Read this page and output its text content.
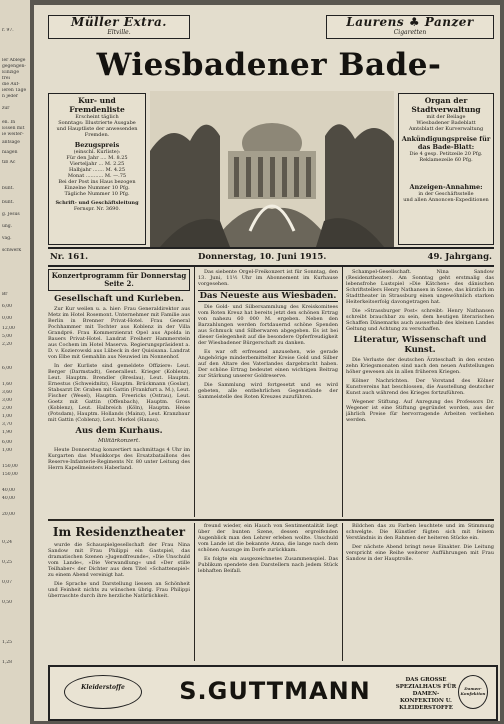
r. 97.
ler Ablege
gegengen-
Einzige
frei
die Auf-
ieren Tage
n jeder
zur
en. In
Essen mit
ie weiter-
antsäge
niagen
tiß Ac
bunt.
bunt.
g. Jesus
ung.
vag.
schwerk
Br
6,00
0,00
12,00
5,00
2,20
6,00
1,60
3,60
3,00
2,00
1,00
3,70
1,90
6,00
1,00
150,00
150,00
40,00
40,00
20,00
0,24
0,25
0,07
0,50
1,25
1,28
Müller Extra.
Eltville.
Laurens ♣ Panzer
Cigaretten
Wiesbadener Bade-
Kur- und Fremdenliste
Erscheint täglich
Sonntags: Illustrierte Ausgabe
und Hauptliste der anwesenden Fremden.
Bezugspreis
(einschl. Kurliste):
Für den Jahr .... M. 8.25
Vierteljahr ... M. 2.25
Halbjahr ....... M. 4.25
Monat ........... M. —.75
Bei der Post ins Haus bezogen
Einzelne Nummer 10 Pfg.
Tägliche Nummer 10 Pfg.
Schrift- und Geschäftsleitung
Fernspr. Nr. 3690.
Organ der Stadtverwaltung
mit der Beilage
Wiesbadener Badeblatt
Amtsblatt der Kurverwaltung
Ankündigungspreise für das Bade-Blatt:
Die 4 gesp. Petitzeile 20 Pfg.
Reklamezeile 60 Pfg.
Anzeigen-Annahme:
in der Geschäftsstelle
und allen Annoncen-Expeditionen
Nr. 161.	Donnerstag, 10. Juni 1915.	49. Jahrgang.
Konzertprogramm für Donnerstag Seite 2.
Gesellschaft und Kurleben.

Zur Kur weilen u. a. hier: Frau Generaldirektor aus Metz im Hotel Rosemont. Unternehmer mit Familie aus Berlin in Brenner Privat-Hotel. Frau General Pochhammer mit Tochter aus Koblenz in der Villa Grandpré. Frau Kommerzienrat Opel aus Apolda in Bauers Privat-Hotel. Landrat Freiherr Hammerstein aus Cochem im Hotel Maserva. Regierungspräsident a. D. v. Kozierowski aus Lübeck in der Quisisana. Landrat von Elbe mit Gemahlin aus Neuwied im Nonnenhof.

In der Kurliste sind gemeldete Offiziere: Leut. Berger (Darmstadt), Generalleut. Krieger (Koblenz), Leut. Hauptm. Brendler (Breslau), Leut. Hauptm. Ernestus (Schweidnitz), Hauptm. Brückmann (Goslar), Stabsarzt Dr. Graben mit Gattin (Frankfurt a. M.), Leut. Fischer (Wesel), Hauptm. Freericks (Ostrau), Leut. Goetz mit Gattin (Offenbach), Hauptm. Gross (Koblenz), Leut. Halbreich (Köln), Hauptm. Heise (Potsdam), Hauptm. Hollands (Mainz), Leut. Kranzbaur mit Gattin (Coblenz), Leut. Merkel (Hanau).

Aus dem Kurhaus.
Militärkonzert.

Heute Donnerstag konzertiert nachmittags 4 Uhr im Kurgarten das Musikkorps des Ersatzbataillons des Reserve-Infanterie-Regiments Nr. 80 unter Leitung des Herrn Kapellmeisters Haberland.

Das siebente Orgel-Freikonzert ist für Sonntag, den 13. Juni, 11½ Uhr im Abonnement im Kurhause vorgesehen.

Das Neueste aus Wiesbaden.

Die Gold- und Silbersammlung des Kreiskomitees vom Roten Kreuz hat bereits jetzt den schönen Ertrag von nahezu 60 000 M. ergeben. Neben den Barzahlungen werden fortdauernd schöne Spenden aus Schmuck und Silberwaren abgegeben. Es ist bei dieser Gelegenheit auf die besondere Opferfreudigkeit der Wiesbadener Bürgerschaft zu danken.

Es war oft erfreuend anzusehen, wie gerade Angehörige minderbemittelter Kreise Gold und Silber auf den Altare des Vaterlandes dargebracht haben. Der schöne Ertrag bedeutet einen wichtigen Beitrag zur Stärkung unserer Goldreserve.

Die Sammlung wird fortgesetzt und es wird gebeten, alle entbehrlichen Gegenstände der Sammelstelle des Roten Kreuzes zuzuführen.

Schampel-Gesellschaft. Nina Sandow (Residenztheater). Am Sonntag geht erstmalig das lebensfrohe Lustspiel »Die Kätchen« des dänischen Schriftstellers Henry Nathansen in Szene, das kürzlich im Stadttheater in Strassburg einen ungewöhnlich starken Heiterkeitserfolg davongetragen hat.

Die »Strassburger Post« schreibt: Henry Nathansen schreibt brauchbar zu sein, dem heutigen literarischen Schaffen Dänemarks auch ausserhalb des kleinen Landes Geltung und Achtung zu verschaffen.

Literatur, Wissenschaft und Kunst.

Die Verluste der deutschen Ärzteschaft in den ersten zehn Kriegsmonaten sind nach den neuen Aufstellungen höher gewesen als in allen früheren Kriegen.

Kölner Nachrichten. Der Vorstand des Kölner Kunstvereins hat beschlossen, die Ausstellung deutscher Kunst auch während des Krieges fortzuführen.

Wegener Stiftung. Auf Anregung des Professors Dr. Wegener ist eine Stiftung gegründet worden, aus der jährlich Preise für hervorragende Arbeiten verliehen werden.

Im Residenztheater

wurde die Schauspielgesellschaft der Frau Nina Sandow mit Frau Philippi ein Gastspiel, das dramatischen Szenen »Jugendfreunde«, »Die Unschuld vom Lande«, »Die Verwandlung« und »Der stille Teilhaber« der Dichter aus dem Titel »Schattenspiel« zu einem Abend vereinigt hat.

Die Sprache und Darstellung liessen an Schönheit und Feinheit nichts zu wünschen übrig. Frau Philippi überraschte durch ihre herzliche Natürlichkeit.

freund wieder, ein Hauch von Sentimentalität liegt über der bunten Szene, dessen ergreifenden Augenblick man den Lehrer erleben wollte. Unschuld vom Lande ist die bekannte Anna, die lange nach dem schönen Auszuge im Dorfe zurückkam.

Es folgte ein ausgezeichnetes Zusammenspiel. Das Publikum spendete den Darstellern nach jedem Stück lebhaften Beifall.

Bildchen das zu Farben leuchtete und im Stimmung schwelgte. Die Künstler fügten sich mit feinem Verständnis in den Rahmen der heiteren Stücke ein.

Der nächste Abend bringt neue Einakter. Die Leitung verspricht eine Reihe weiterer Aufführungen mit Frau Sandow in der Hauptrolle.

Kleiderstoffe	S.GUTTMANN	DAS GROSSE SPEZIALHAUS FÜR DAMEN-KONFEKTION U. KLEIDERSTOFFE
Damen-Konfektion
